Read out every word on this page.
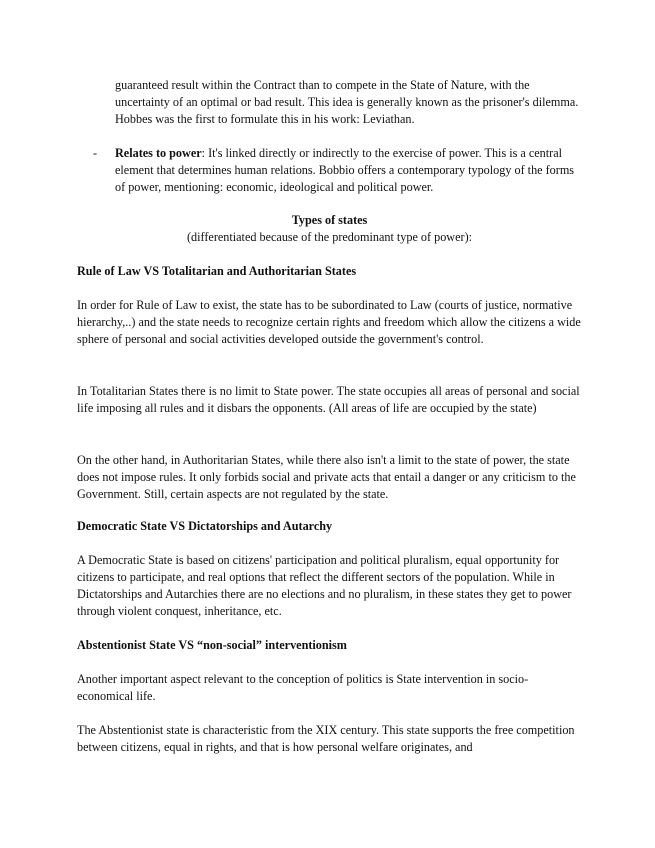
guaranteed result within the Contract than to compete in the State of Nature, with the uncertainty of an optimal or bad result. This idea is generally known as the prisoner's dilemma. Hobbes was the first to formulate this in his work: Leviathan.

- Relates to power: It's linked directly or indirectly to the exercise of power. This is a central element that determines human relations. Bobbio offers a contemporary typology of the forms of power, mentioning: economic, ideological and political power.

Types of states

(differentiated because of the predominant type of power):

Rule of Law VS Totalitarian and Authoritarian States

In order for Rule of Law to exist, the state has to be subordinated to Law (courts of justice, normative hierarchy,..) and the state needs to recognize certain rights and freedom which allow the citizens a wide sphere of personal and social activities developed outside the government's control.

In Totalitarian States there is no limit to State power. The state occupies all areas of personal and social life imposing all rules and it disbars the opponents. (All areas of life are occupied by the state)

On the other hand, in Authoritarian States, while there also isn't a limit to the state of power, the state does not impose rules. It only forbids social and private acts that entail a danger or any criticism to the Government. Still, certain aspects are not regulated by the state.

Democratic State VS Dictatorships and Autarchy

A Democratic State is based on citizens' participation and political pluralism, equal opportunity for citizens to participate, and real options that reflect the different sectors of the population. While in Dictatorships and Autarchies there are no elections and no pluralism, in these states they get to power through violent conquest, inheritance, etc.

Abstentionist State VS “non-social” interventionism

Another important aspect relevant to the conception of politics is State intervention in socio-economical life.

The Abstentionist state is characteristic from the XIX century. This state supports the free competition between citizens, equal in rights, and that is how personal welfare originates, and
